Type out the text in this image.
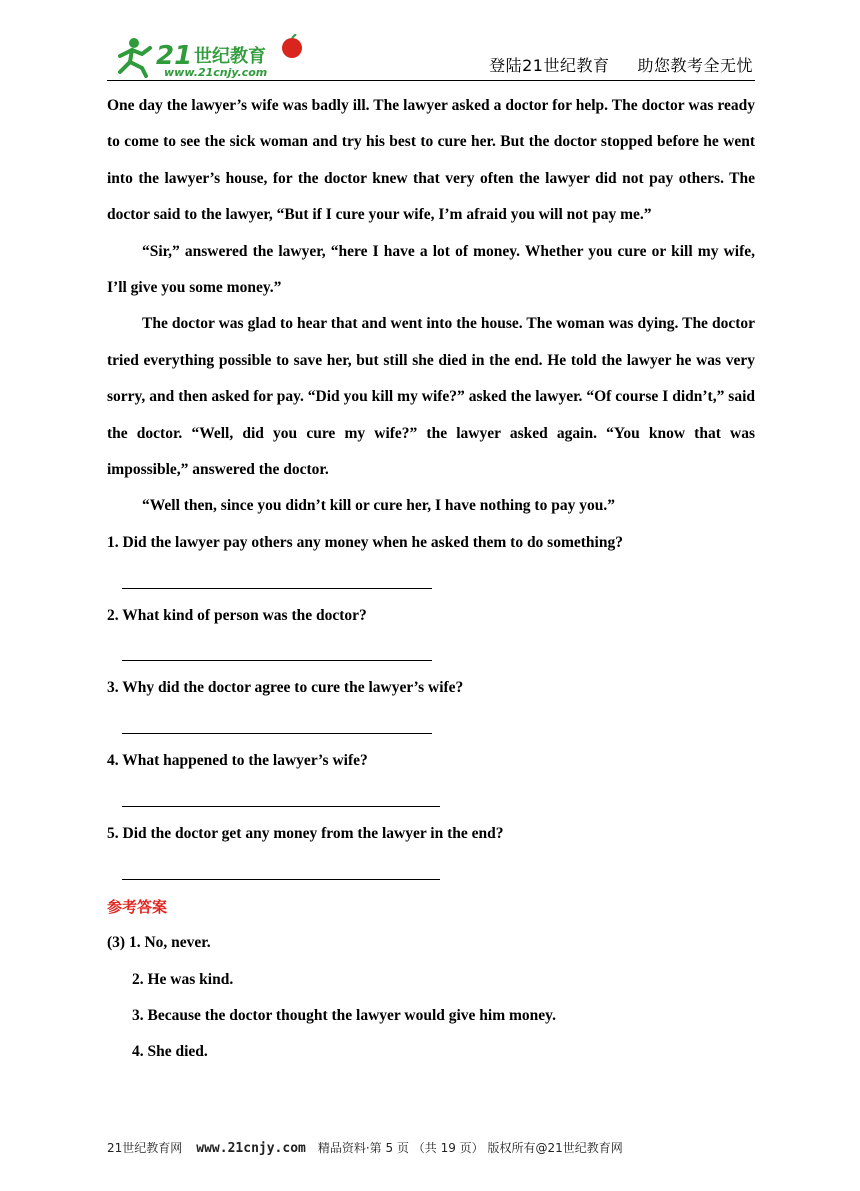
21 世纪教育
www.21cnjy.com	登陆21世纪教育 助您教考全无忧

One day the lawyer’s wife was badly ill. The lawyer asked a doctor for help. The doctor was ready to come to see the sick woman and try his best to cure her. But the doctor stopped before he went into the lawyer’s house, for the doctor knew that very often the lawyer did not pay others. The doctor said to the lawyer, “But if I cure your wife, I’m afraid you will not pay me.”

“Sir,” answered the lawyer, “here I have a lot of money. Whether you cure or kill my wife, I’ll give you some money.”

The doctor was glad to hear that and went into the house. The woman was dying. The doctor tried everything possible to save her, but still she died in the end. He told the lawyer he was very sorry, and then asked for pay. “Did you kill my wife?” asked the lawyer. “Of course I didn’t,” said the doctor. “Well, did you cure my wife?” the lawyer asked again. “You know that was impossible,” answered the doctor.

“Well then, since you didn’t kill or cure her, I have nothing to pay you.”

1. Did the lawyer pay others any money when he asked them to do something?

2. What kind of person was the doctor?

3. Why did the doctor agree to cure the lawyer’s wife?

4. What happened to the lawyer’s wife?

5. Did the doctor get any money from the lawyer in the end?

参考答案

(3) 1. No, never.

2. He was kind.

3. Because the doctor thought the lawyer would give him money.

4. She died.

21世纪教育网 www.21cnjy.com 精品资料·第 5 页 （共 19 页） 版权所有@21世纪教育网
